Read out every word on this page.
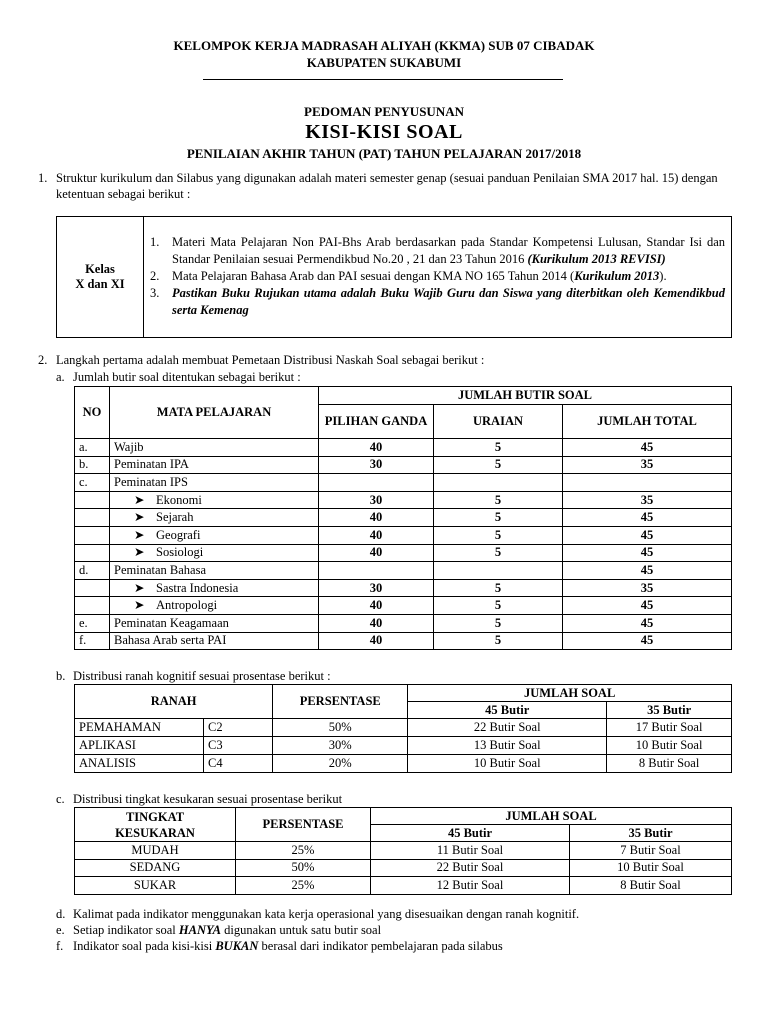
KELOMPOK KERJA MADRASAH ALIYAH (KKMA) SUB 07 CIBADAK
KABUPATEN SUKABUMI
PEDOMAN PENYUSUNAN
KISI-KISI SOAL
PENILAIAN AKHIR TAHUN (PAT) TAHUN PELAJARAN 2017/2018
1. Struktur kurikulum dan Silabus yang digunakan adalah materi semester genap (sesuai panduan Penilaian SMA 2017 hal. 15) dengan ketentuan sebagai berikut :
Kelas
X dan XI

1. Materi Mata Pelajaran Non PAI-Bhs Arab berdasarkan pada Standar Kompetensi Lulusan, Standar Isi dan Standar Penilaian sesuai Permendikbud No.20 , 21 dan 23 Tahun 2016 (Kurikulum 2013 REVISI)
2. Mata Pelajaran Bahasa Arab dan PAI sesuai dengan KMA NO 165 Tahun 2014 (Kurikulum 2013).
3. Pastikan Buku Rujukan utama adalah Buku Wajib Guru dan Siswa yang diterbitkan oleh Kemendikbud serta Kemenag
2. Langkah pertama adalah membuat Pemetaan Distribusi Naskah Soal sebagai berikut :
a. Jumlah butir soal ditentukan sebagai berikut :
NO	MATA PELAJARAN	JUMLAH BUTIR SOAL		
		PILIHAN GANDA	URAIAN	JUMLAH TOTAL
a.	Wajib	40	5	45
b.	Peminatan IPA	30	5	35
c.	Peminatan IPS			
	➤ Ekonomi	30	5	35
	➤ Sejarah	40	5	45
	➤ Geografi	40	5	45
	➤ Sosiologi	40	5	45
d.	Peminatan Bahasa			45
	➤ Sastra Indonesia	30	5	35
	➤ Antropologi	40	5	45
e.	Peminatan Keagamaan	40	5	45
f.	Bahasa Arab serta PAI	40	5	45
b. Distribusi ranah kognitif sesuai prosentase berikut :
RANAH		PERSENTASE	JUMLAH SOAL	
			45 Butir	35 Butir
PEMAHAMAN	C2	50%	22 Butir Soal	17 Butir Soal
APLIKASI	C3	30%	13 Butir Soal	10 Butir Soal
ANALISIS	C4	20%	10 Butir Soal	8 Butir Soal
c. Distribusi tingkat kesukaran sesuai prosentase berikut
TINGKAT
KESUKARAN	PERSENTASE	JUMLAH SOAL	
		45 Butir	35 Butir
MUDAH	25%	11 Butir Soal	7 Butir Soal
SEDANG	50%	22 Butir Soal	10 Butir Soal
SUKAR	25%	12 Butir Soal	8 Butir Soal
d. Kalimat pada indikator menggunakan kata kerja operasional yang disesuaikan dengan ranah kognitif.
e. Setiap indikator soal HANYA digunakan untuk satu butir soal
f. Indikator soal pada kisi-kisi BUKAN berasal dari indikator pembelajaran pada silabus
